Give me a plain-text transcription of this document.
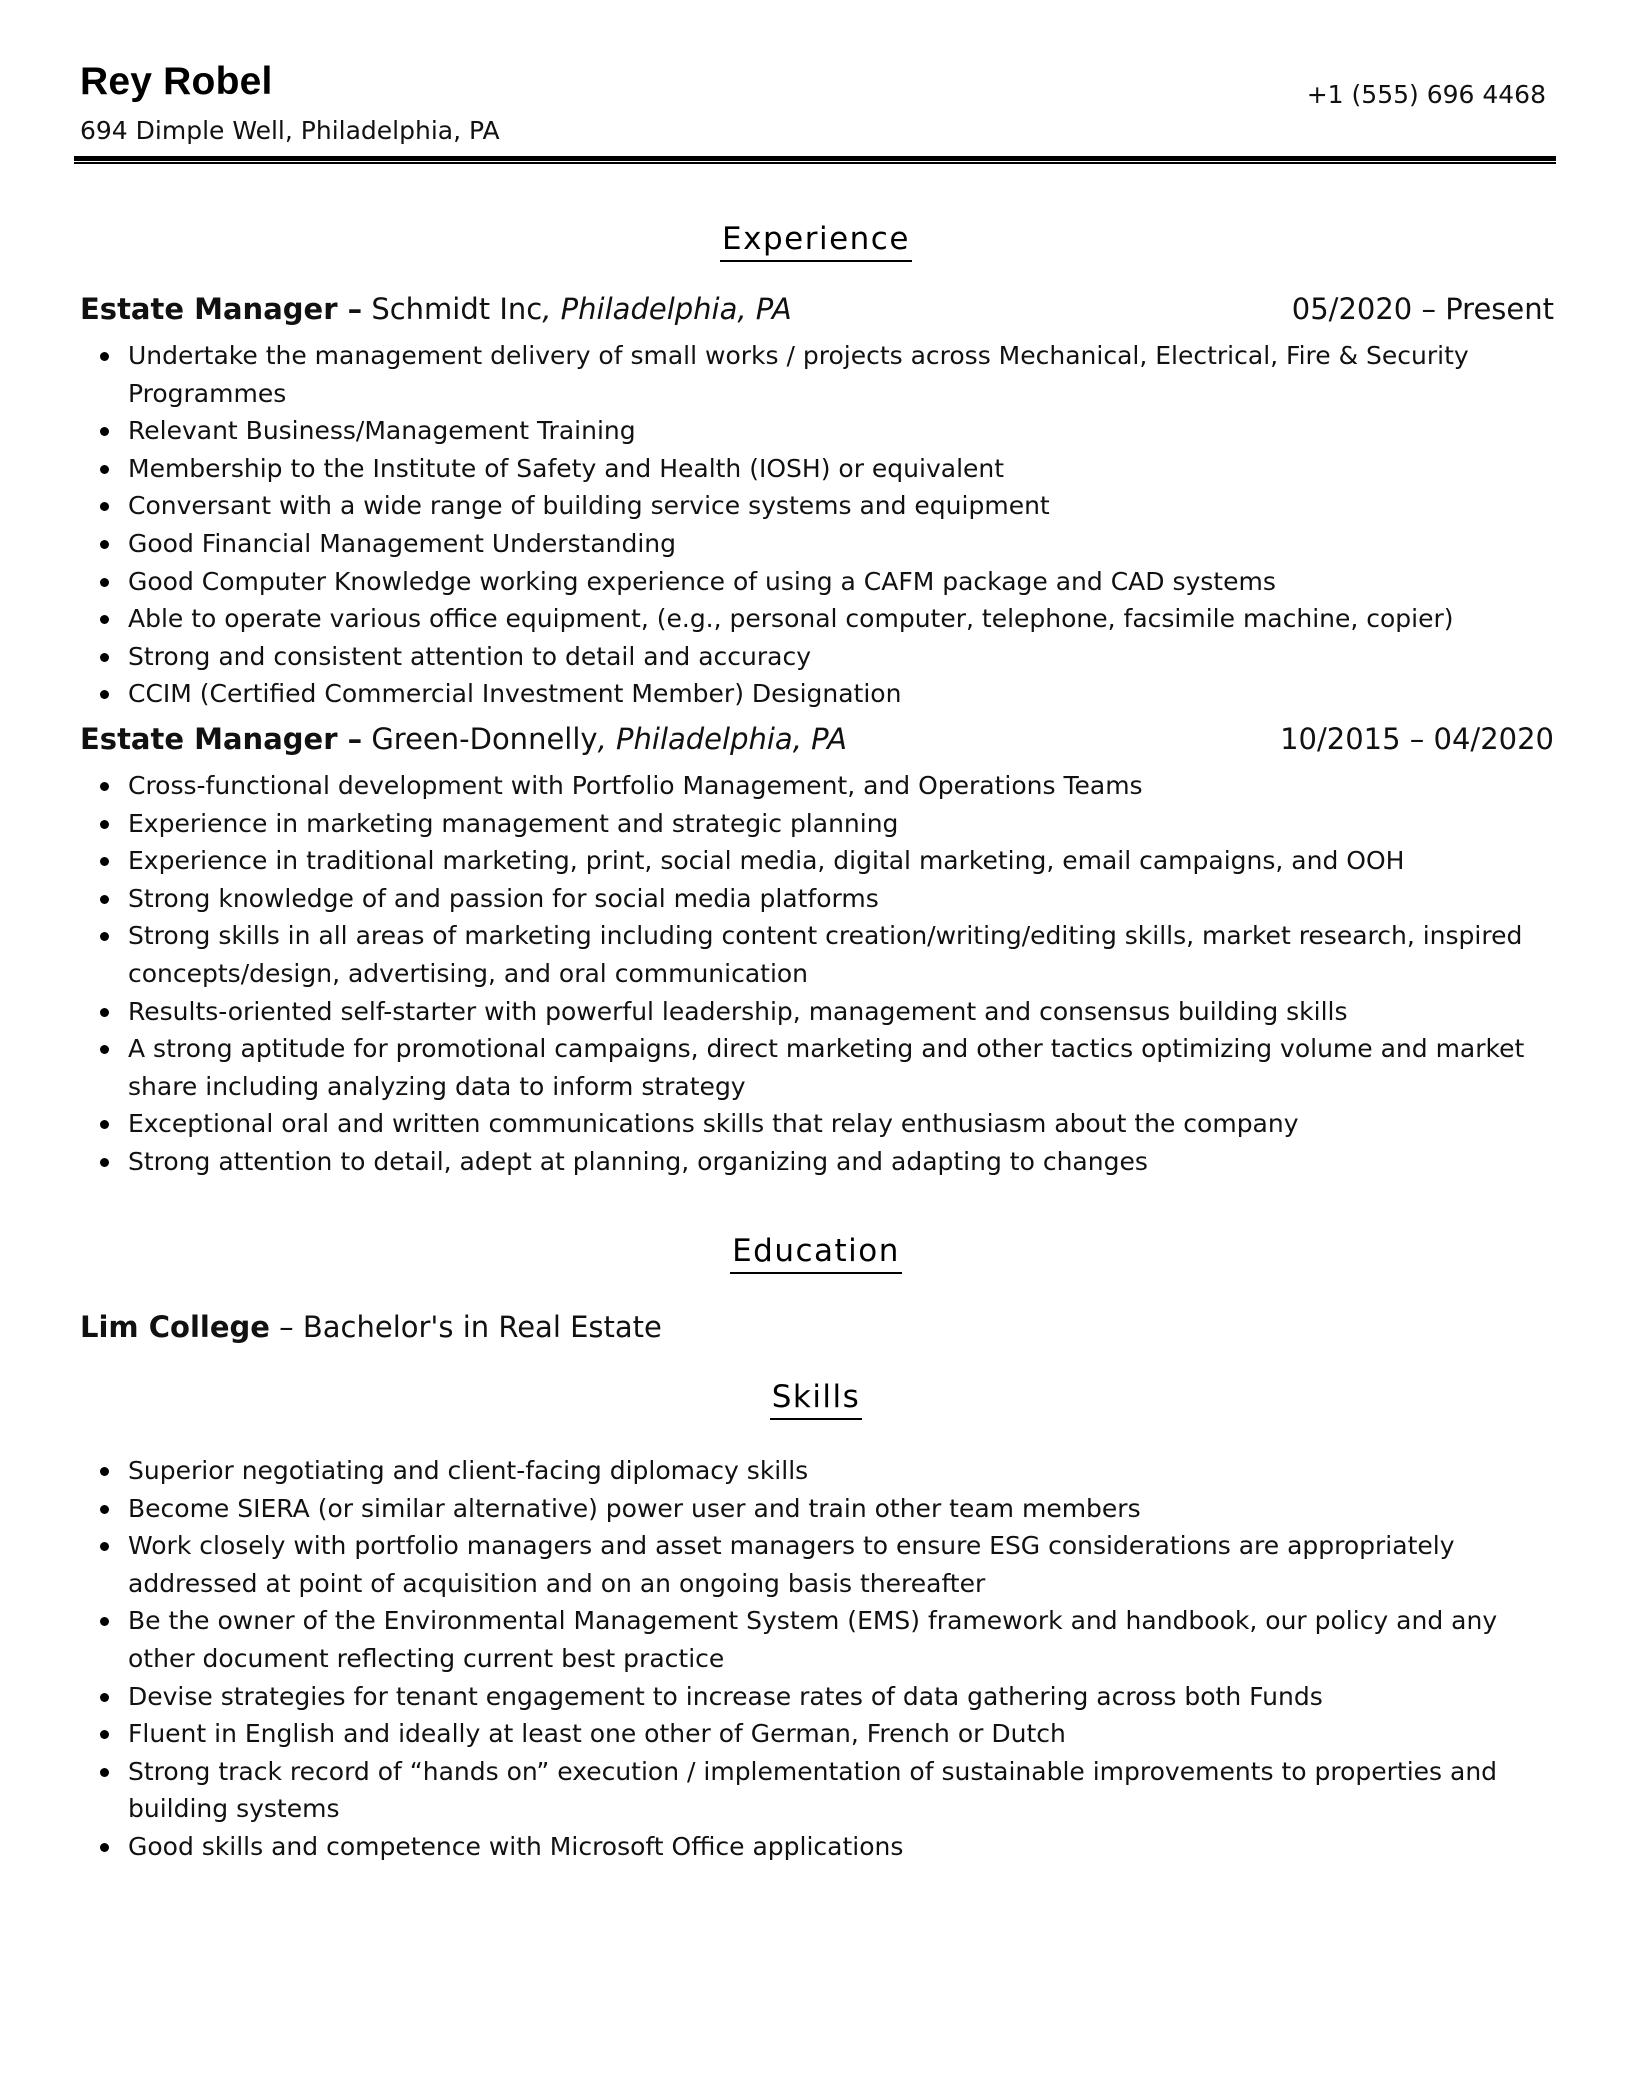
Rey Robel
694 Dimple Well, Philadelphia, PA
+1 (555) 696 4468
Experience
Estate Manager – Schmidt Inc, Philadelphia, PA	05/2020 – Present
Undertake the management delivery of small works / projects across Mechanical, Electrical, Fire & Security Programmes
Relevant Business/Management Training
Membership to the Institute of Safety and Health (IOSH) or equivalent
Conversant with a wide range of building service systems and equipment
Good Financial Management Understanding
Good Computer Knowledge working experience of using a CAFM package and CAD systems
Able to operate various office equipment, (e.g., personal computer, telephone, facsimile machine, copier)
Strong and consistent attention to detail and accuracy
CCIM (Certified Commercial Investment Member) Designation
Estate Manager – Green-Donnelly, Philadelphia, PA	10/2015 – 04/2020
Cross-functional development with Portfolio Management, and Operations Teams
Experience in marketing management and strategic planning
Experience in traditional marketing, print, social media, digital marketing, email campaigns, and OOH
Strong knowledge of and passion for social media platforms
Strong skills in all areas of marketing including content creation/writing/editing skills, market research, inspired concepts/design, advertising, and oral communication
Results-oriented self-starter with powerful leadership, management and consensus building skills
A strong aptitude for promotional campaigns, direct marketing and other tactics optimizing volume and market share including analyzing data to inform strategy
Exceptional oral and written communications skills that relay enthusiasm about the company
Strong attention to detail, adept at planning, organizing and adapting to changes
Education
Lim College – Bachelor's in Real Estate
Skills
Superior negotiating and client-facing diplomacy skills
Become SIERA (or similar alternative) power user and train other team members
Work closely with portfolio managers and asset managers to ensure ESG considerations are appropriately addressed at point of acquisition and on an ongoing basis thereafter
Be the owner of the Environmental Management System (EMS) framework and handbook, our policy and any other document reflecting current best practice
Devise strategies for tenant engagement to increase rates of data gathering across both Funds
Fluent in English and ideally at least one other of German, French or Dutch
Strong track record of “hands on” execution / implementation of sustainable improvements to properties and building systems
Good skills and competence with Microsoft Office applications
